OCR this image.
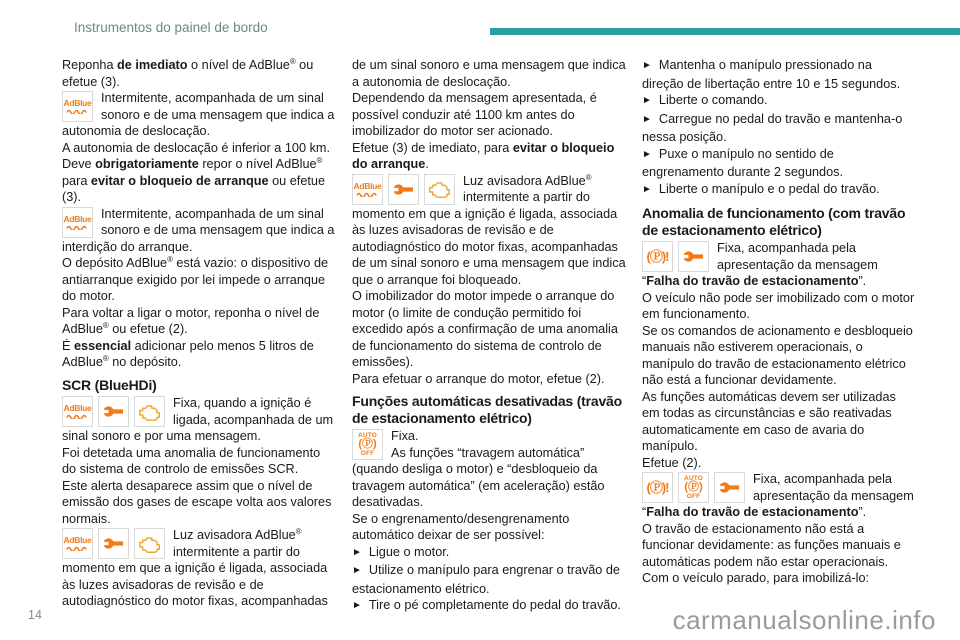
Instrumentos do painel de bordo
Reponha de imediato o nível de AdBlue® ou efetue (3).
AdBlue Intermitente, acompanhada de um sinal sonoro e de uma mensagem que indica a autonomia de deslocação.
A autonomia de deslocação é inferior a 100 km.
Deve obrigatoriamente repor o nível AdBlue® para evitar o bloqueio de arranque ou efetue (3).
AdBlue Intermitente, acompanhada de um sinal sonoro e de uma mensagem que indica a interdição do arranque.
O depósito AdBlue® está vazio: o dispositivo de antiarranque exigido por lei impede o arranque do motor.
Para voltar a ligar o motor, reponha o nível de AdBlue® ou efetue (2).
É essencial adicionar pelo menos 5 litros de AdBlue® no depósito.
SCR (BlueHDi)
AdBlue	Fixa, quando a ignição é ligada, acompanhada de um sinal sonoro e por uma mensagem.
Foi detetada uma anomalia de funcionamento do sistema de controlo de emissões SCR.
Este alerta desaparece assim que o nível de emissão dos gases de escape volta aos valores normais.
AdBlue	Luz avisadora AdBlue® intermitente a partir do momento em que a ignição é ligada, associada às luzes avisadoras de revisão e de autodiagnóstico do motor fixas, acompanhadas
de um sinal sonoro e uma mensagem que indica a autonomia de deslocação.
Dependendo da mensagem apresentada, é possível conduzir até 1100 km antes do imobilizador do motor ser acionado.
Efetue (3) de imediato, para evitar o bloqueio do arranque.
AdBlue	Luz avisadora AdBlue® intermitente a partir do momento em que a ignição é ligada, associada às luzes avisadoras de revisão e de autodiagnóstico do motor fixas, acompanhadas de um sinal sonoro e uma mensagem que indica que o arranque foi bloqueado.
O imobilizador do motor impede o arranque do motor (o limite de condução permitido foi excedido após a confirmação de uma anomalia de funcionamento do sistema de controlo de emissões).
Para efetuar o arranque do motor, efetue (2).
Funções automáticas desativadas (travão de estacionamento elétrico)
AUTO
(Ⓟ)
OFF
Fixa.
As funções “travagem automática” (quando desliga o motor) e “desbloqueio da travagem automática” (em aceleração) estão desativadas.
Se o engrenamento/desengrenamento automático deixar de ser possível:
► Ligue o motor.
► Utilize o manípulo para engrenar o travão de estacionamento elétrico.
► Tire o pé completamente do pedal do travão.
► Mantenha o manípulo pressionado na direção de libertação entre 10 e 15 segundos.
► Liberte o comando.
► Carregue no pedal do travão e mantenha-o nessa posição.
► Puxe o manípulo no sentido de engrenamento durante 2 segundos.
► Liberte o manípulo e o pedal do travão.
Anomalia de funcionamento (com travão de estacionamento elétrico)
(Ⓟ)!
Fixa, acompanhada pela apresentação da mensagem “Falha do travão de estacionamento”.
O veículo não pode ser imobilizado com o motor em funcionamento.
Se os comandos de acionamento e desbloqueio manuais não estiverem operacionais, o manípulo do travão de estacionamento elétrico não está a funcionar devidamente.
As funções automáticas devem ser utilizadas em todas as circunstâncias e são reativadas automaticamente em caso de avaria do manípulo.
Efetue (2).
(Ⓟ)!
AUTO
(Ⓟ)
OFF
Fixa, acompanhada pela apresentação da mensagem “Falha do travão de estacionamento”.
O travão de estacionamento não está a funcionar devidamente: as funções manuais e automáticas podem não estar operacionais.
Com o veículo parado, para imobilizá-lo:
14	carmanualsonline.info
